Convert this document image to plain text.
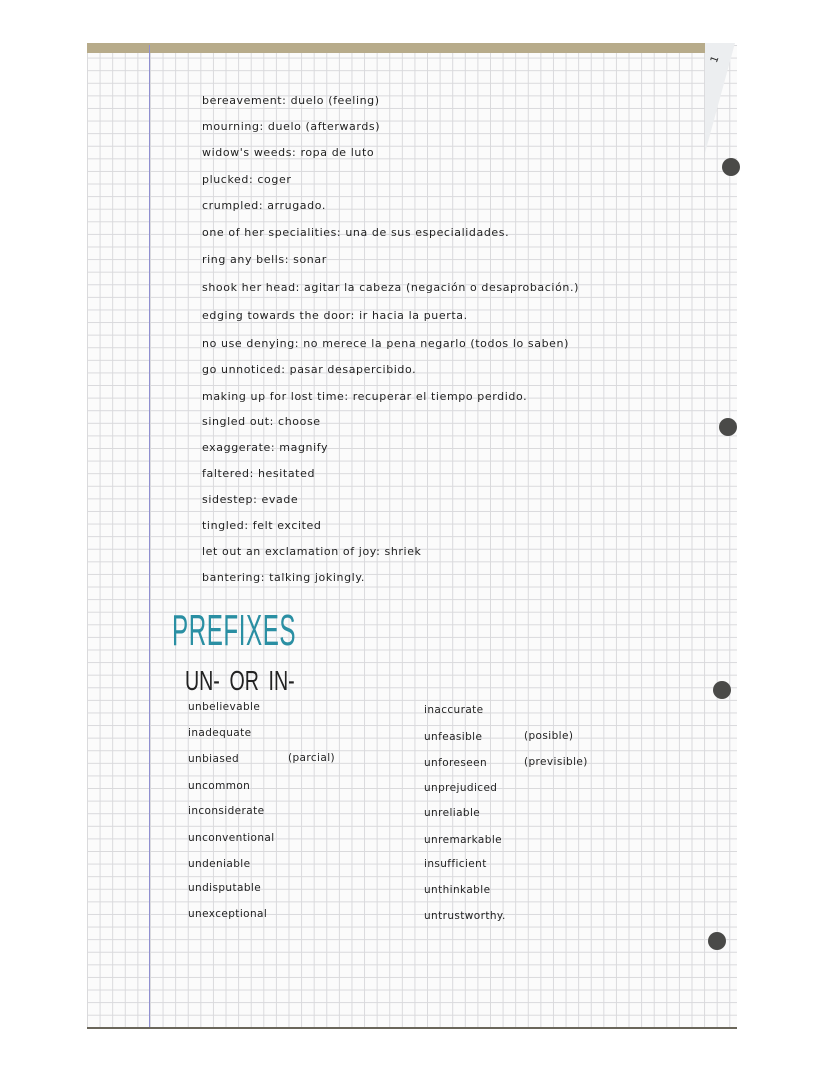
1
bereavement: duelo (feeling)
mourning: duelo (afterwards)
widow's weeds: ropa de luto
plucked: coger
crumpled: arrugado.
one of her specialities: una de sus especialidades.
ring any bells: sonar
shook her head: agitar la cabeza (negación o desaprobación.)
edging towards the door: ir hacia la puerta.
no use denying: no merece la pena negarlo (todos lo saben)
go unnoticed: pasar desapercibido.
making up for lost time: recuperar el tiempo perdido.
singled out: choose
exaggerate: magnify
faltered: hesitated
sidestep: evade
tingled: felt excited
let out an exclamation of joy: shriek
bantering: talking jokingly.
PREFIXES
UN- OR IN-
unbelievable
inadequate
unbiased	(parcial)
uncommon
inconsiderate
unconventional
undeniable
undisputable
unexceptional
inaccurate
unfeasible	(posible)
unforeseen	(previsible)
unprejudiced
unreliable
unremarkable
insufficient
unthinkable
untrustworthy.
